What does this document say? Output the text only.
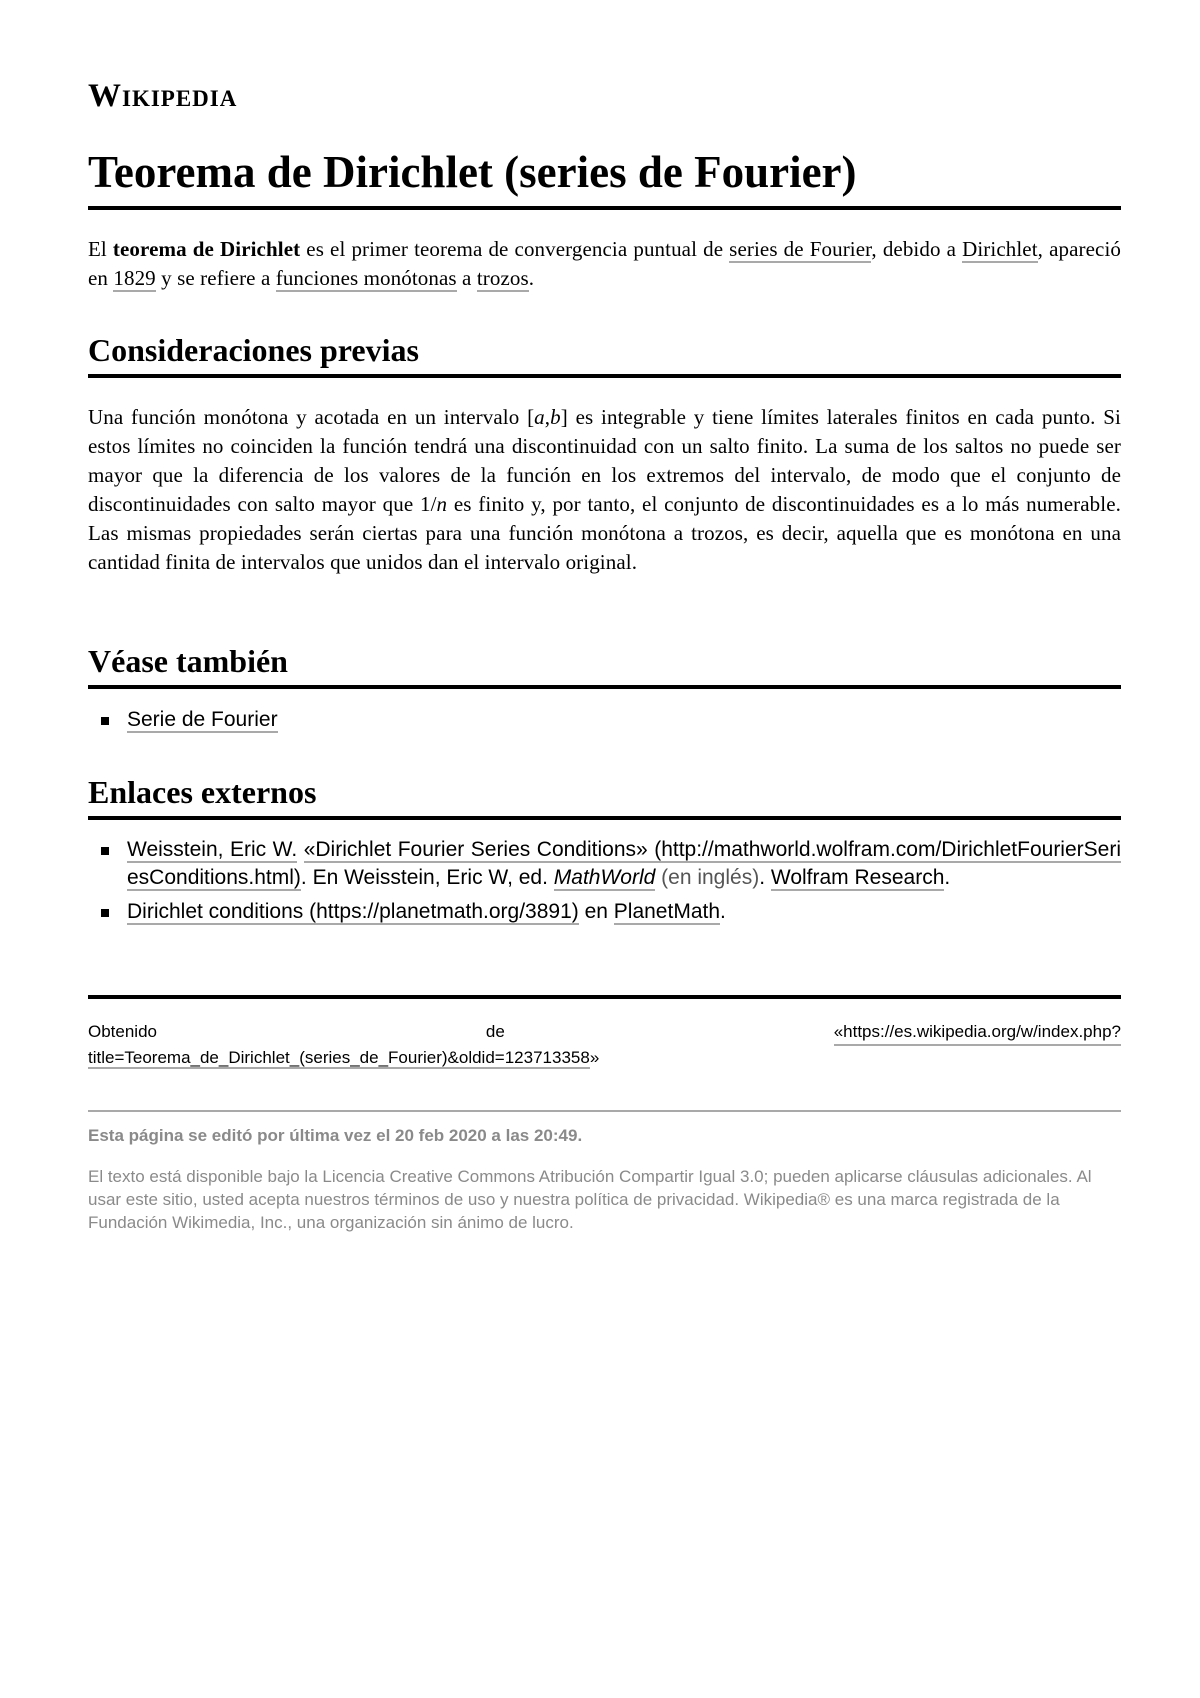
Wikipedia
Teorema de Dirichlet (series de Fourier)

El teorema de Dirichlet es el primer teorema de convergencia puntual de series de Fourier, debido a Dirichlet, apareció en 1829 y se refiere a funciones monótonas a trozos.

Consideraciones previas

Una función monótona y acotada en un intervalo [a,b] es integrable y tiene límites laterales finitos en cada punto. Si estos límites no coinciden la función tendrá una discontinuidad con un salto finito. La suma de los saltos no puede ser mayor que la diferencia de los valores de la función en los extremos del intervalo, de modo que el conjunto de discontinuidades con salto mayor que 1/n es finito y, por tanto, el conjunto de discontinuidades es a lo más numerable. Las mismas propiedades serán ciertas para una función monótona a trozos, es decir, aquella que es monótona en una cantidad finita de intervalos que unidos dan el intervalo original.

Véase también
Serie de Fourier
Enlaces externos
Weisstein, Eric W. «Dirichlet Fourier Series Conditions» (http://mathworld.wolfram.com/DirichletFourierSeriesConditions.html). En Weisstein, Eric W, ed. MathWorld (en inglés). Wolfram Research.
Dirichlet conditions (https://planetmath.org/3891) en PlanetMath.
Obtenido	de	«https://es.wikipedia.org/w/index.php?
title=Teorema_de_Dirichlet_(series_de_Fourier)&oldid=123713358»

Esta página se editó por última vez el 20 feb 2020 a las 20:49.

El texto está disponible bajo la Licencia Creative Commons Atribución Compartir Igual 3.0; pueden aplicarse cláusulas adicionales. Al usar este sitio, usted acepta nuestros términos de uso y nuestra política de privacidad. Wikipedia® es una marca registrada de la Fundación Wikimedia, Inc., una organización sin ánimo de lucro.
